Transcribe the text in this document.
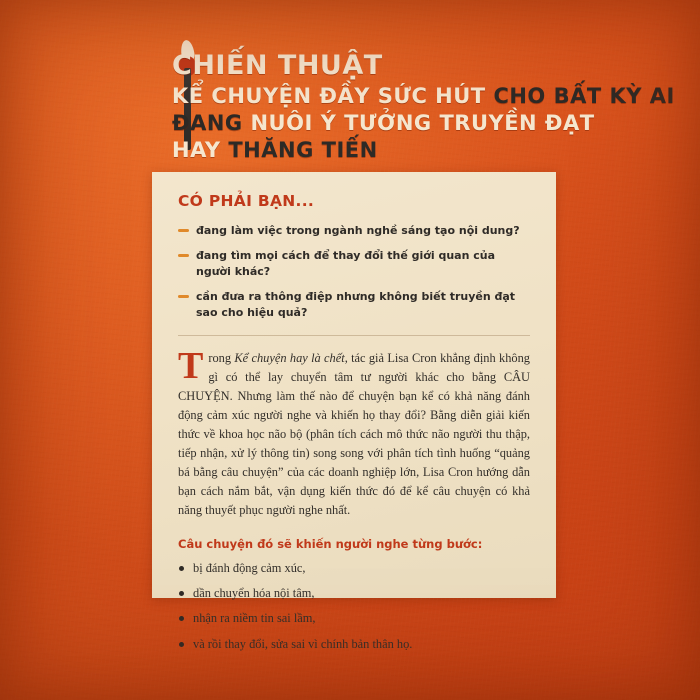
CHIẾN THUẬT
KỂ CHUYỆN ĐẦY SỨC HÚT CHO BẤT KỲ AI
ĐANG NUÔI Ý TƯỞNG TRUYỀN ĐẠT
HAY THĂNG TIẾN
CÓ PHẢI BẠN...
đang làm việc trong ngành nghề sáng tạo nội dung?
đang tìm mọi cách để thay đổi thế giới quan của người khác?
cần đưa ra thông điệp nhưng không biết truyền đạt sao cho hiệu quả?

Trong Kể chuyện hay là chết, tác giả Lisa Cron khẳng định không gì có thể lay chuyển tâm tư người khác cho bằng CÂU CHUYỆN. Nhưng làm thế nào để chuyện bạn kể có khả năng đánh động cảm xúc người nghe và khiến họ thay đổi? Bằng diễn giải kiến thức về khoa học não bộ (phân tích cách mô thức não người thu thập, tiếp nhận, xử lý thông tin) song song với phân tích tình huống “quảng bá bằng câu chuyện” của các doanh nghiệp lớn, Lisa Cron hướng dẫn bạn cách nắm bắt, vận dụng kiến thức đó để kể câu chuyện có khả năng thuyết phục người nghe nhất.

Câu chuyện đó sẽ khiến người nghe từng bước:
bị đánh động cảm xúc,
dần chuyển hóa nội tâm,
nhận ra niềm tin sai lầm,
và rồi thay đổi, sửa sai vì chính bản thân họ.
